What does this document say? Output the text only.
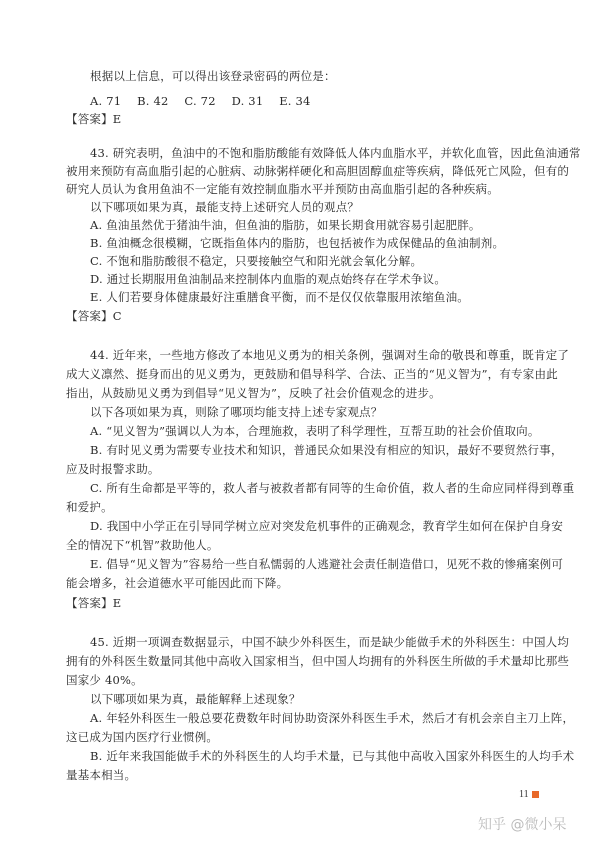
根据以上信息，可以得出该登录密码的两位是：
A. 71 B. 42 C. 72 D. 31 E. 34
【答案】E
43. 研究表明，鱼油中的不饱和脂肪酸能有效降低人体内血脂水平，并软化血管，因此鱼油通常
被用来预防有高血脂引起的心脏病、动脉粥样硬化和高胆固醇血症等疾病，降低死亡风险，但有的
研究人员认为食用鱼油不一定能有效控制血脂水平并预防由高血脂引起的各种疾病。
以下哪项如果为真，最能支持上述研究人员的观点？
A. 鱼油虽然优于猪油牛油，但鱼油的脂肪，如果长期食用就容易引起肥胖。
B. 鱼油概念很模糊，它既指鱼体内的脂肪，也包括被作为成保健品的鱼油制剂。
C. 不饱和脂肪酸很不稳定，只要接触空气和阳光就会氧化分解。
D. 通过长期服用鱼油制品来控制体内血脂的观点始终存在学术争议。
E. 人们若要身体健康最好注重膳食平衡，而不是仅仅依靠服用浓缩鱼油。
【答案】C
44. 近年来，一些地方修改了本地见义勇为的相关条例，强调对生命的敬畏和尊重，既肯定了
成大义凛然、挺身而出的见义勇为，更鼓励和倡导科学、合法、正当的“见义智为”，有专家由此
指出，从鼓励见义勇为到倡导“见义智为”，反映了社会价值观念的进步。
以下各项如果为真，则除了哪项均能支持上述专家观点？
A. “见义智为”强调以人为本，合理施救，表明了科学理性，互帮互助的社会价值取向。
B. 有时见义勇为需要专业技术和知识，普通民众如果没有相应的知识，最好不要贸然行事，
应及时报警求助。
C. 所有生命都是平等的，救人者与被救者都有同等的生命价值，救人者的生命应同样得到尊重
和爱护。
D. 我国中小学正在引导同学树立应对突发危机事件的正确观念，教育学生如何在保护自身安
全的情况下“机智”救助他人。
E. 倡导“见义智为”容易给一些自私懦弱的人逃避社会责任制造借口，见死不救的惨痛案例可
能会增多，社会道德水平可能因此而下降。
【答案】E
45. 近期一项调查数据显示，中国不缺少外科医生，而是缺少能做手术的外科医生：中国人均
拥有的外科医生数量同其他中高收入国家相当，但中国人均拥有的外科医生所做的手术量却比那些
国家少 40%。
以下哪项如果为真，最能解释上述现象？
A. 年轻外科医生一般总要花费数年时间协助资深外科医生手术，然后才有机会亲自主刀上阵，
这已成为国内医疗行业惯例。
B. 近年来我国能做手术的外科医生的人均手术量，已与其他中高收入国家外科医生的人均手术
量基本相当。
11
知乎 @微小呆
